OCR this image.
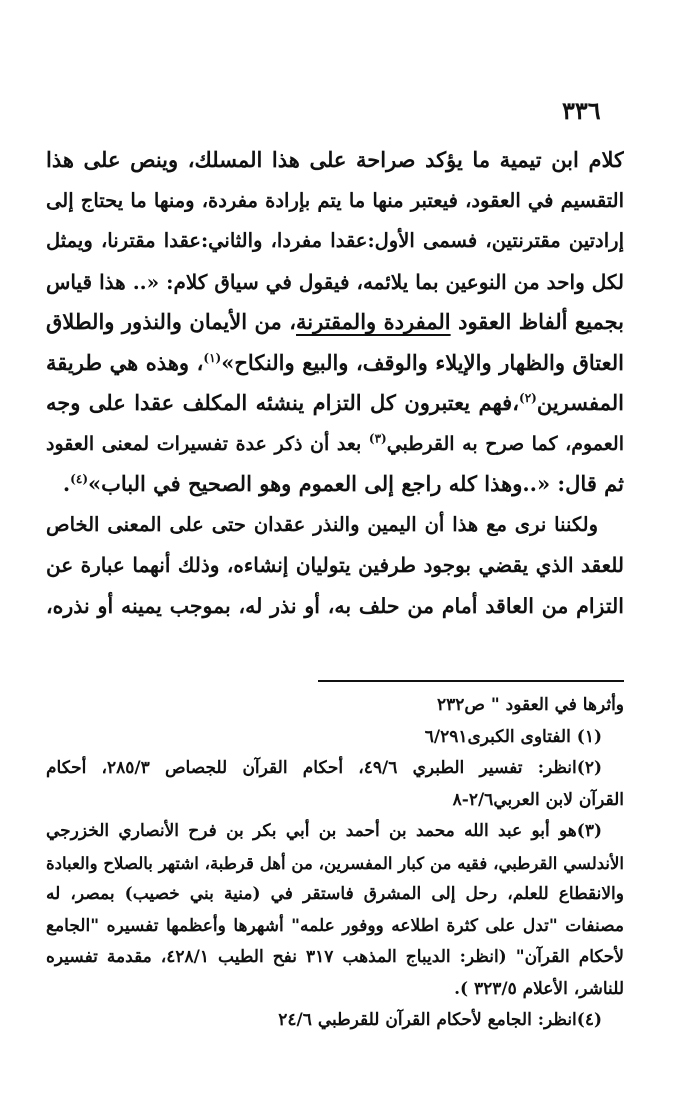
٣٣٦
كلام ابن تيمية ما يؤكد صراحة على هذا المسلك، وينص على هذا
التقسيم في العقود، فيعتبر منها ما يتم بإرادة مفردة، ومنها ما يحتاج إلى
إرادتين مقترنتين، فسمى الأول:عقدا مفردا، والثاني:عقدا مقترنا، ويمثل
لكل واحد من النوعين بما يلائمه، فيقول في سياق كلام: «.. هذا قياس
بجميع ألفاظ العقود المفردة والمقترنة، من الأيمان والنذور والطلاق
العتاق والظهار والإيلاء والوقف، والبيع والنكاح»$^{(١)}$، وهذه هي طريقة
المفسرين$^{(٢)}$،فهم يعتبرون كل التزام ينشئه المكلف عقدا على وجه
العموم، كما صرح به القرطبي$^{(٣)}$ بعد أن ذكر عدة تفسيرات لمعنى العقود
ثم قال: «..وهذا كله راجع إلى العموم وهو الصحيح في الباب»$^{(٤)}$.
ولكننا نرى مع هذا أن اليمين والنذر عقدان حتى على المعنى الخاص
للعقد الذي يقضي بوجود طرفين يتوليان إنشاءه، وذلك أنهما عبارة عن
التزام من العاقد أمام من حلف به، أو نذر له، بموجب يمينه أو نذره،
وأثرها في العقود " ص٢٣٢
(١) الفتاوى الكبرى٦/٢٩١
(٢)انظر: تفسير الطبري ٤٩/٦، أحكام القرآن للجصاص ٢٨٥/٣، أحكام
القرآن لابن العربي٢/٦-٨
(٣)هو أبو عبد الله محمد بن أحمد بن أبي بكر بن فرح الأنصاري الخزرجي
الأندلسي القرطبي، فقيه من كبار المفسرين، من أهل قرطبة، اشتهر بالصلاح والعبادة
والانقطاع للعلم، رحل إلى المشرق فاستقر في (منية بني خصيب) بمصر، له
مصنفات "تدل على كثرة اطلاعه ووفور علمه" أشهرها وأعظمها تفسيره "الجامع
لأحكام القرآن" (انظر: الديباج المذهب ٣١٧ نفح الطيب ٤٢٨/١، مقدمة تفسيره
للناشر، الأعلام ٣٢٣/٥ ).
(٤)انظر: الجامع لأحكام القرآن للقرطبي ٢٤/٦
